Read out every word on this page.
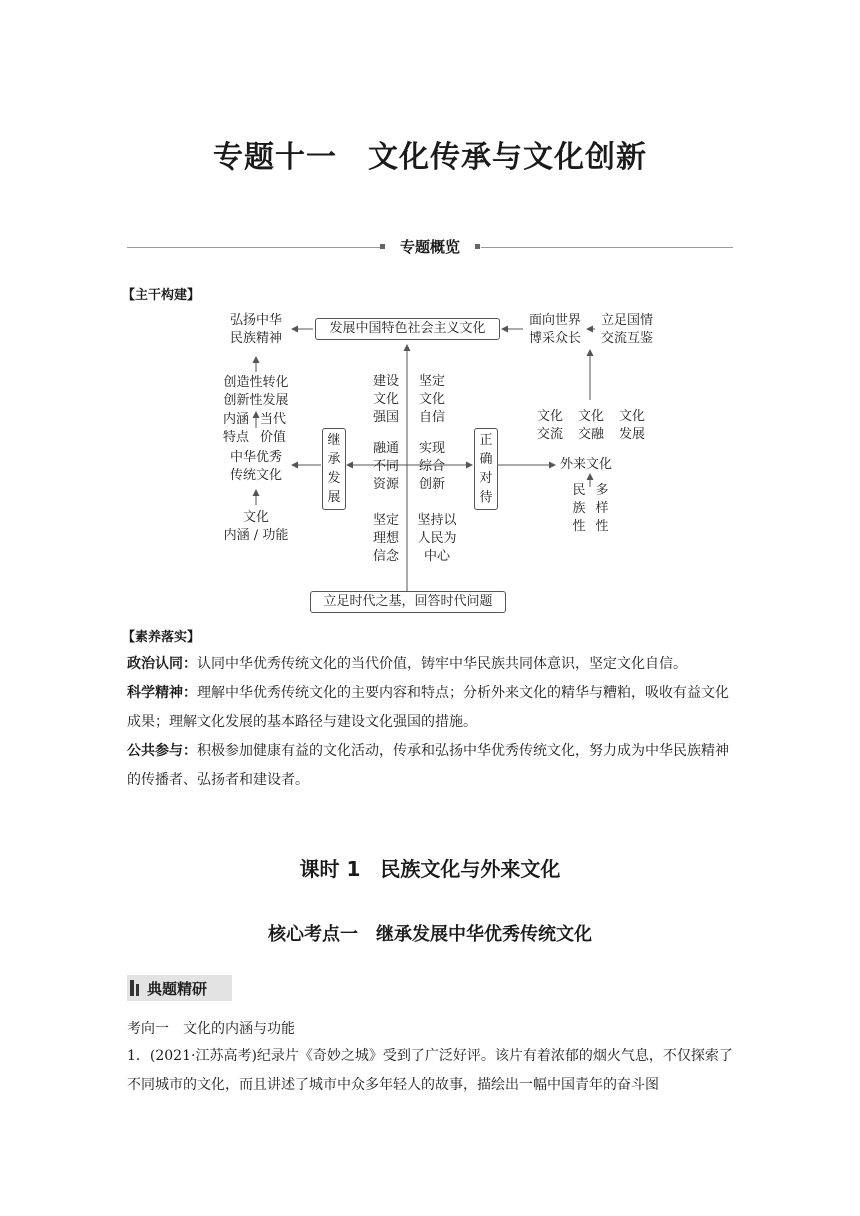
专题十一　文化传承与文化创新
专题概览
【主干构建】
弘扬中华
民族精神
发展中国特色社会主义文化
面向世界
博采众长
立足国情
交流互鉴
创造性转化
创新性发展
内涵
特点
当代
价值
中华优秀
传统文化
文化
内涵 / 功能
继
承
发
展
建设
文化
强国
坚定
文化
自信
融通
不同
资源
实现
综合
创新
坚定
理想
信念
坚持以
人民为
中心
正
确
对
待
文化
交流
文化
交融
文化
发展
外来文化
民
族
性
多
样
性
立足时代之基，回答时代问题
【素养落实】
政治认同：认同中华优秀传统文化的当代价值，铸牢中华民族共同体意识，坚定文化自信。
科学精神：理解中华优秀传统文化的主要内容和特点；分析外来文化的精华与糟粕，吸收有益文化成果；理解文化发展的基本路径与建设文化强国的措施。
公共参与：积极参加健康有益的文化活动，传承和弘扬中华优秀传统文化，努力成为中华民族精神的传播者、弘扬者和建设者。
课时 1　民族文化与外来文化
核心考点一　继承发展中华优秀传统文化
典题精研
考向一　文化的内涵与功能
1．(2021·江苏高考)纪录片《奇妙之城》受到了广泛好评。该片有着浓郁的烟火气息，不仅探索了不同城市的文化，而且讲述了城市中众多年轻人的故事，描绘出一幅中国青年的奋斗图
